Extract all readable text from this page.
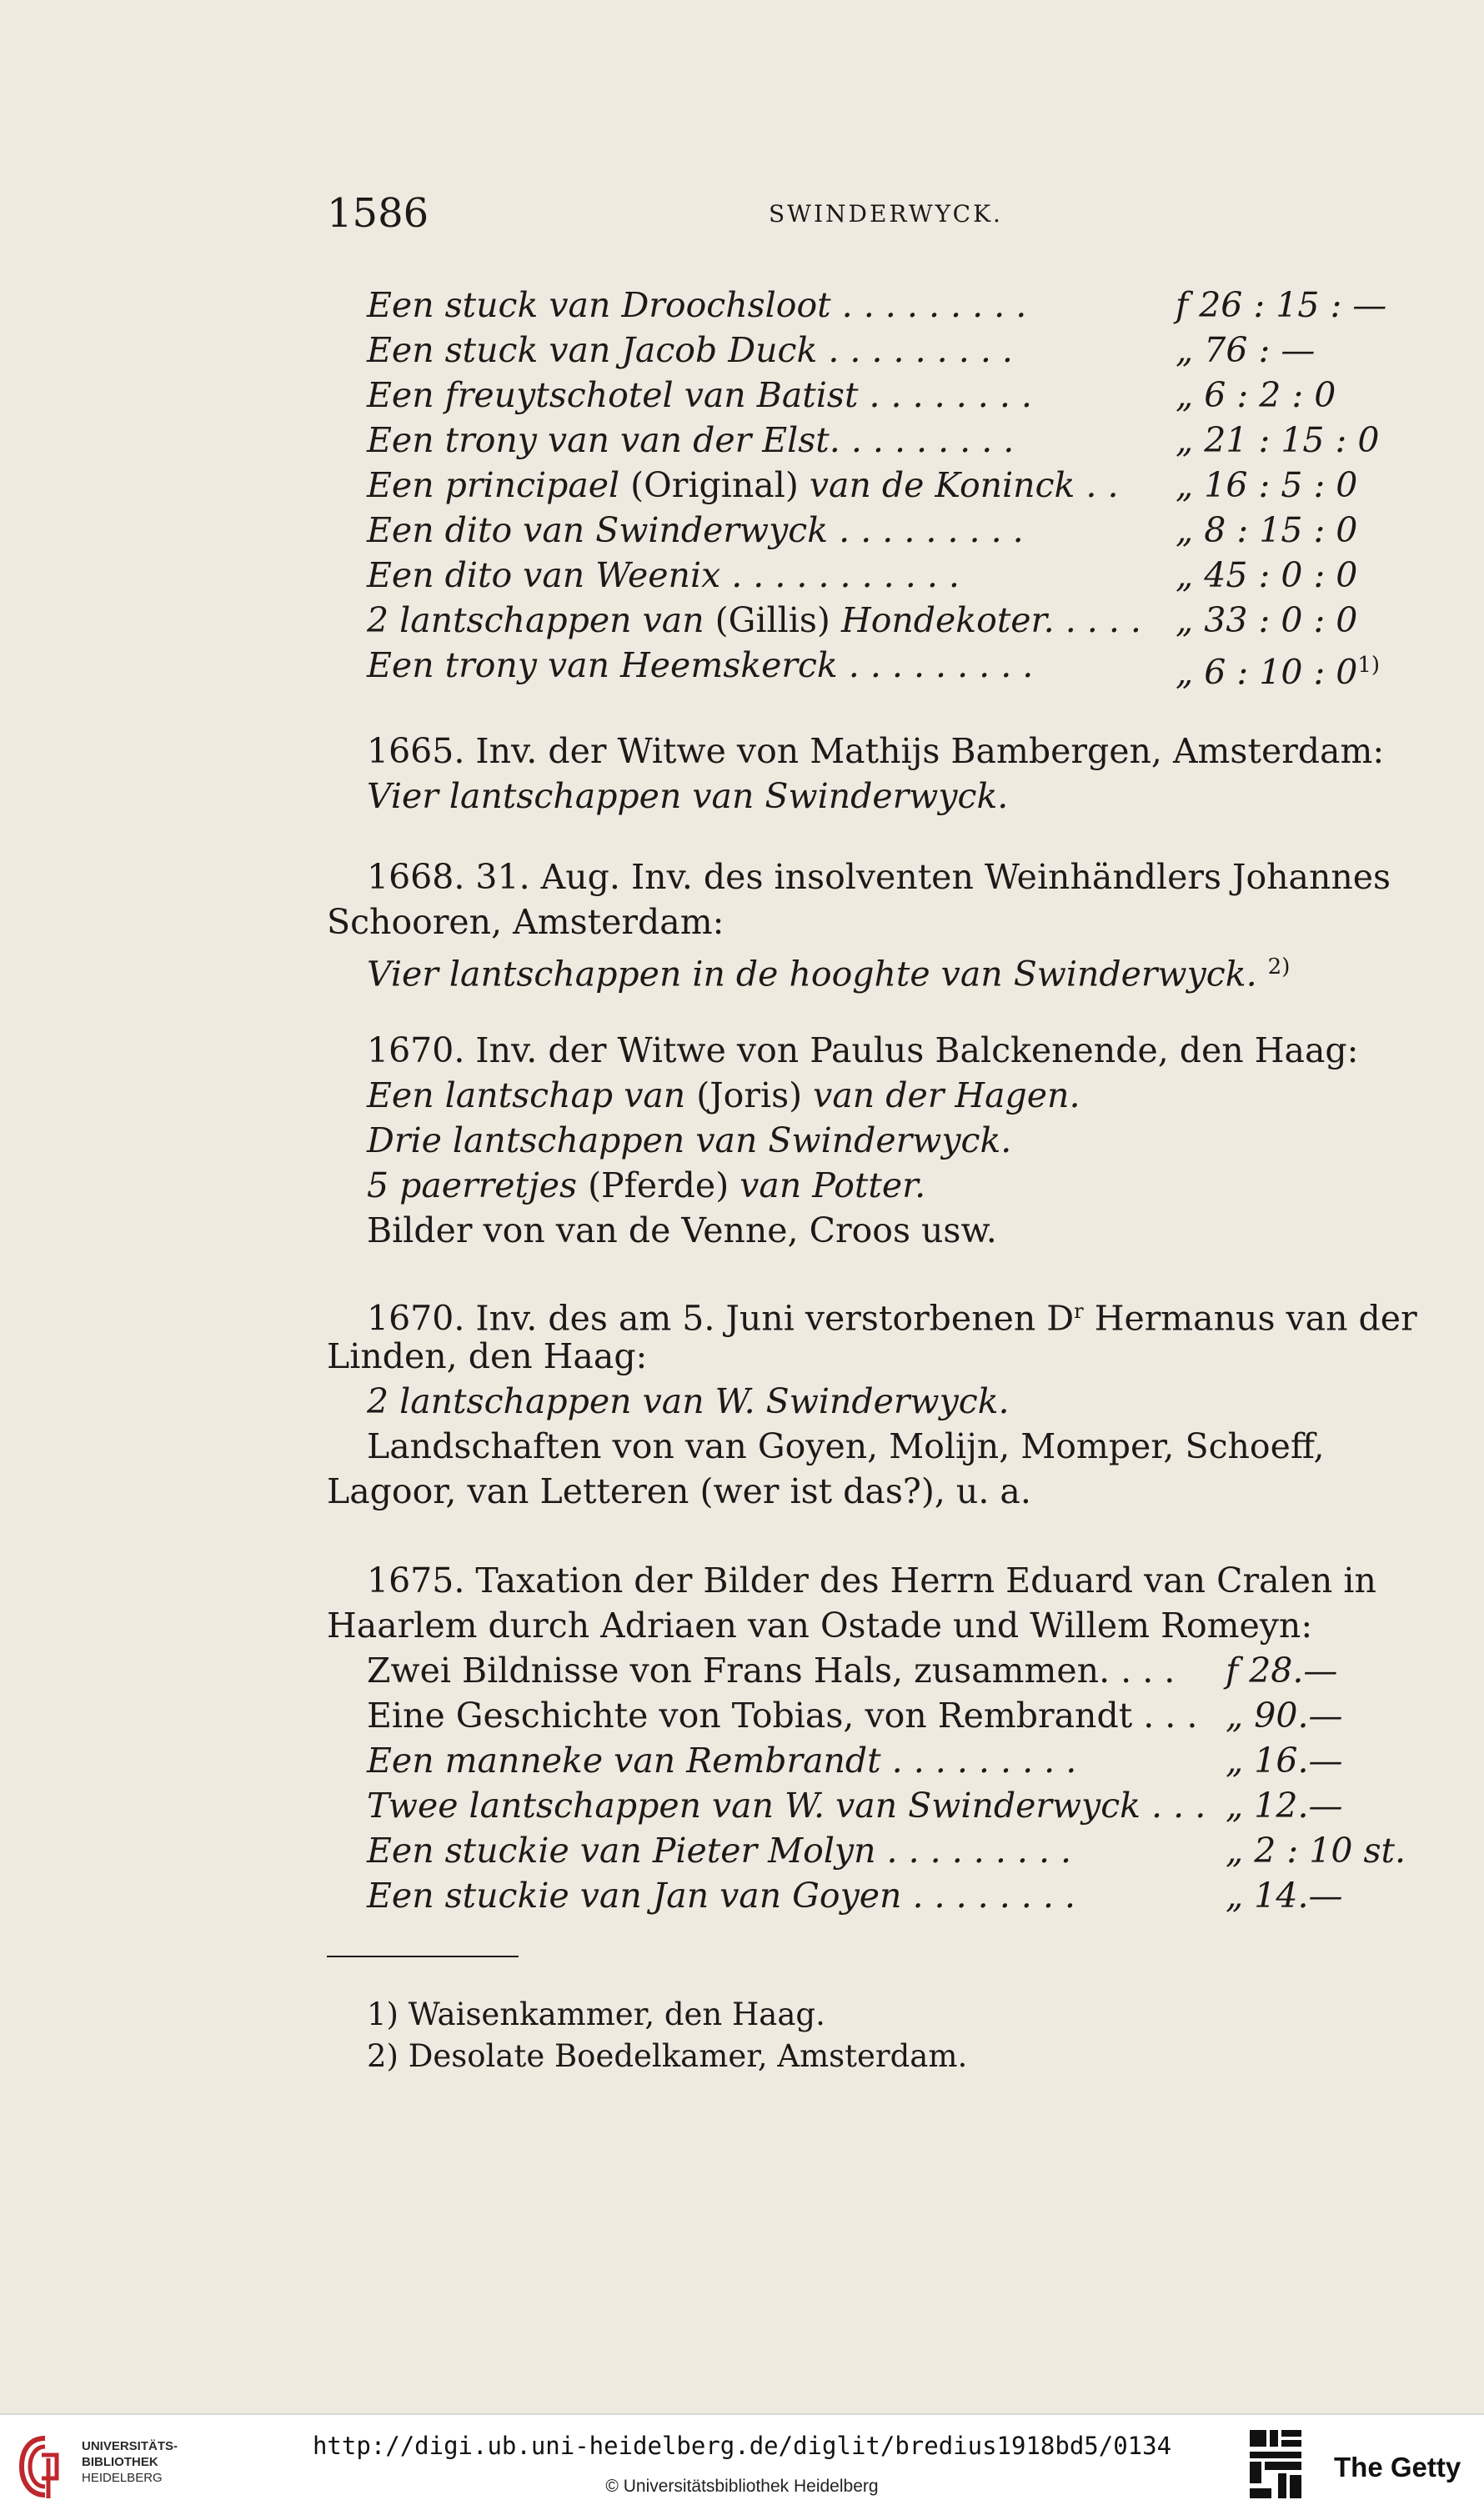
1586	SWINDERWYCK.
Een stuck van Droochsloot . . . . . . . . .	f 26 : 15 : —
Een stuck van Jacob Duck . . . . . . . . .	„ 76 : —
Een freuytschotel van Batist . . . . . . . .	„ 6 : 2 : 0
Een trony van van der Elst. . . . . . . . .	„ 21 : 15 : 0
Een principael (Original) van de Koninck . . „ 16 : 5 : 0
Een dito van Swinderwyck . . . . . . . . .	„ 8 : 15 : 0
Een dito van Weenix . . . . . . . . . . .	„ 45 : 0 : 0
2 lantschappen van (Gillis) Hondekoter. . . . . „ 33 : 0 : 0
Een trony van Heemskerck . . . . . . . . .	„ 6 : 10 : 0$^{1)}$
1665. Inv. der Witwe von Mathijs Bambergen, Amsterdam:
Vier lantschappen van Swinderwyck.
1668. 31. Aug. Inv. des insolventen Weinhändlers Johannes
Schooren, Amsterdam:
Vier lantschappen in de hooghte van Swinderwyck. $^{2)}$
1670. Inv. der Witwe von Paulus Balckenende, den Haag:
Een lantschap van (Joris) van der Hagen.
Drie lantschappen van Swinderwyck.
5 paerretjes (Pferde) van Potter.
Bilder von van de Venne, Croos usw.
1670. Inv. des am 5. Juni verstorbenen $D^r$ Hermanus van der
Linden, den Haag:
2 lantschappen van W. Swinderwyck.
Landschaften von van Goyen, Molijn, Momper, Schoeff,
Lagoor, van Letteren (wer ist das?), u. a.
1675. Taxation der Bilder des Herrn Eduard van Cralen in
Haarlem durch Adriaen van Ostade und Willem Romeyn:
Zwei Bildnisse von Frans Hals, zusammen. . . . f 28.—
Eine Geschichte von Tobias, von Rembrandt . . . „ 90.—
Een manneke van Rembrandt . . . . . . . . .	„ 16.—
Twee lantschappen van W. van Swinderwyck . . . „ 12.—
Een stuckie van Pieter Molyn . . . . . . . . .	„ 2 : 10 st.
Een stuckie van Jan van Goyen . . . . . . . .	„ 14.—
1) Waisenkammer, den Haag.
2) Desolate Boedelkamer, Amsterdam.
UNIVERSITÄTS-
BIBLIOTHEK
HEIDELBERG
http://digi.ub.uni-heidelberg.de/diglit/bredius1918bd5/0134
© Universitätsbibliothek Heidelberg
The Getty
